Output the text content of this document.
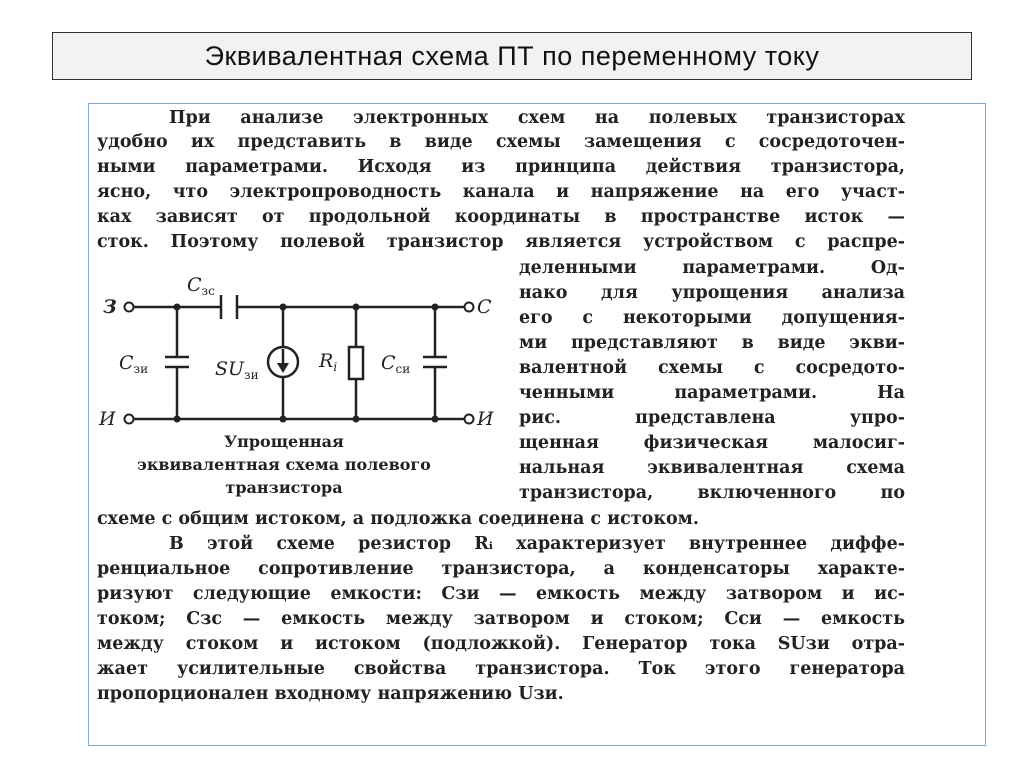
Эквивалентная схема ПТ по переменному току
При анализе электронных схем на полевых транзисторах
удобно их представить в виде схемы замещения с сосредоточен-
ными параметрами. Исходя из принципа действия транзистора,
ясно, что электропроводность канала и напряжение на его участ-
ках зависят от продольной координаты в пространстве исток —
сток. Поэтому полевой транзистор является устройством с распре-
деленными параметрами. Од-
нако для упрощения анализа
его с некоторыми допущения-
ми представляют в виде экви-
валентной схемы с сосредото-
ченными параметрами. На
рис. представлена упро-
щенная физическая малосиг-
нальная эквивалентная схема
транзистора, включенного по
схеме с общим истоком, а подложка соединена с истоком.
В этой схеме резистор Rᵢ характеризует внутреннее диффе-
ренциальное сопротивление транзистора, а конденсаторы характе-
ризуют следующие емкости: Cзи — емкость между затвором и ис-
током; Cзс — емкость между затвором и стоком; Cси — емкость
между стоком и истоком (подложкой). Генератор тока SUзи отра-
жает усилительные свойства транзистора. Ток этого генератора
пропорционален входному напряжению Uзи.
З	С
И	И
$C_{зс}$
$C_{зи}$	$SU_{зи}$
$R_i$ $C_{си}$
Упрощенная
эквивалентная схема полевого
транзистора
